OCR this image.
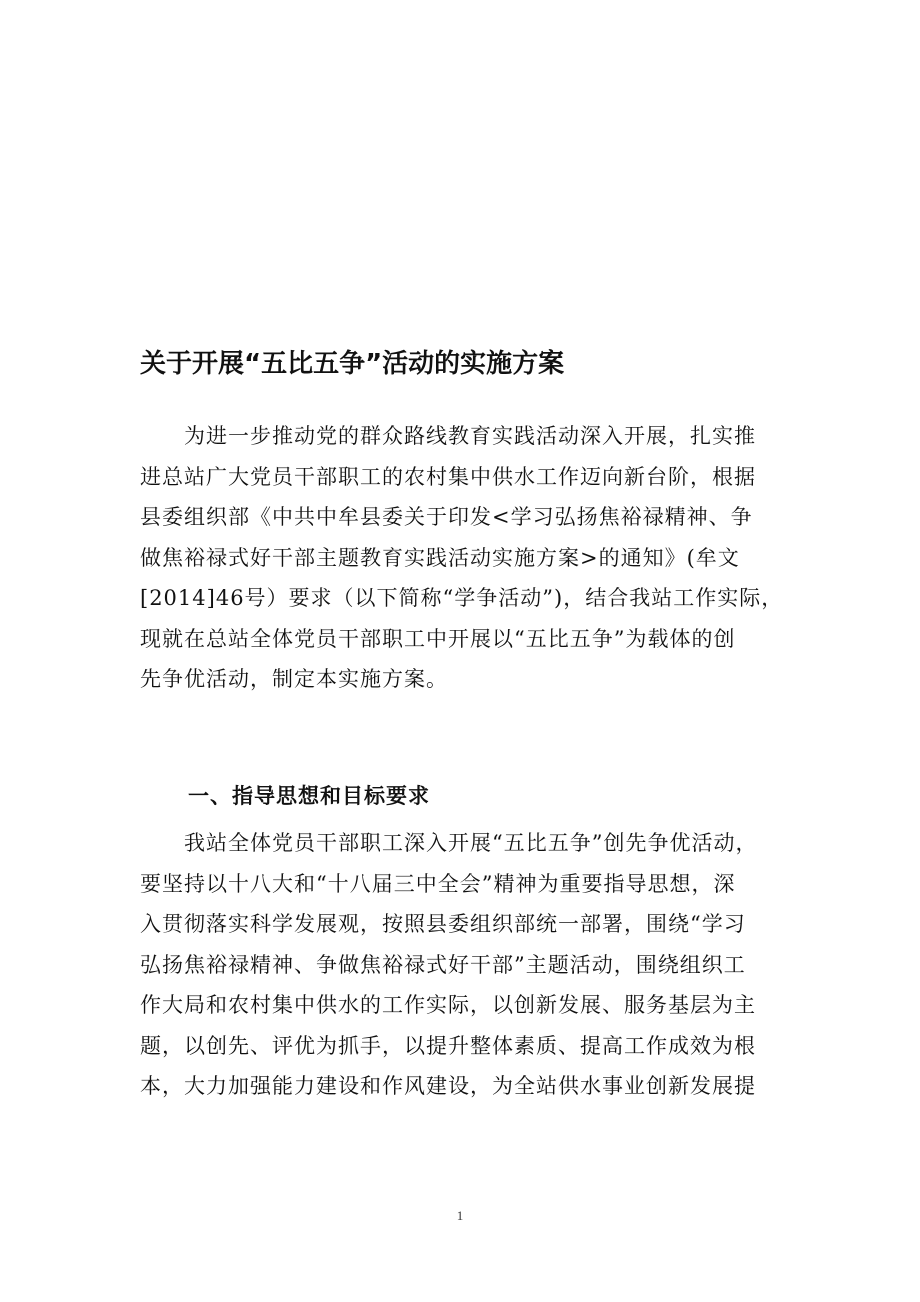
关于开展“五比五争”活动的实施方案
为进一步推动党的群众路线教育实践活动深入开展，扎实推
进总站广大党员干部职工的农村集中供水工作迈向新台阶，根据
县委组织部《中共中牟县委关于印发<学习弘扬焦裕禄精神、争
做焦裕禄式好干部主题教育实践活动实施方案>的通知》(牟文
[2014]46号）要求（以下简称“学争活动”)，结合我站工作实际，
现就在总站全体党员干部职工中开展以“五比五争”为载体的创
先争优活动，制定本实施方案。
一、指导思想和目标要求
我站全体党员干部职工深入开展“五比五争”创先争优活动，
要坚持以十八大和“十八届三中全会”精神为重要指导思想，深
入贯彻落实科学发展观，按照县委组织部统一部署，围绕“学习
弘扬焦裕禄精神、争做焦裕禄式好干部”主题活动，围绕组织工
作大局和农村集中供水的工作实际，以创新发展、服务基层为主
题，以创先、评优为抓手，以提升整体素质、提高工作成效为根
本，大力加强能力建设和作风建设，为全站供水事业创新发展提
1
